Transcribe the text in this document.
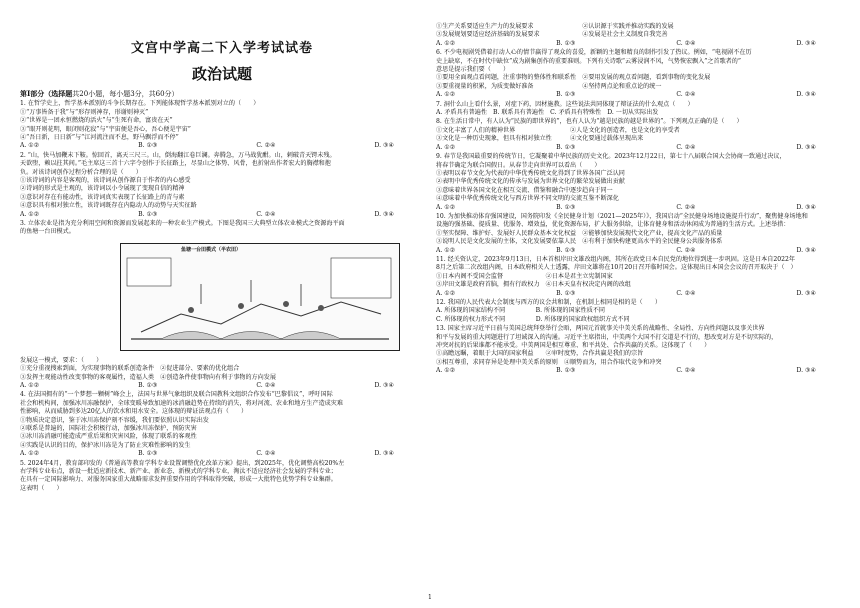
文宫中学高二下入学考试试卷
政治试题
第Ⅰ部分（选择题共20小题，每小题3分，共60分）

1. 在哲学史上，哲学基本派别的斗争长期存在。下列能体现哲学基本派别对立的（　　）

①“万事皆备于我”与“形存则神存，形谢则神灭”

②“世界是一团永恒燃烧的活火”与“生死有命，富贵在天”

③“眼开则花明，眼闭则花寂”与“宇宙便是吾心，吾心便是宇宙”

④“吾日新，日日新”与“江河流注而不息，野马飘浮而不停”

A. ①②	B. ①③	C. ②④	D. ③④

2. “山，快马加鞭未下鞍。惊回首，离天三尺三。山，倒海翻江卷巨澜。奔腾急，万马战犹酣。山，刺破青天锷未残。

天欲堕，赖以拄其间。”毛主席这三首十六字令创作于长征路上，尽显山之体势、风骨，也折射出作者宏大的胸襟和抱

负。对该诗词创作过程分析合理的是（　　）

①该诗词的内容是客观的，该诗词从创作源自于作者的内心感受

②诗词的形式是主观的，该诗词以小令展现了变现自信的精神

③意识对存在有能动性，该诗词真实表现了长征路上的青与素

④意识具有相对独立性，该诗词既存在内隐动人的动势与天实征路

A. ①②	B. ①③	C. ②④	D. ③④

3. 立体农业是指为充分利用空间和资源而发展起来的一种农业生产模式。下图是我国三大典型立体农业模式之资源海平面

的鱼塘一台田模式。

鱼塘一台田模式（半农田）

发展这一模式，要求：（　　）

①充分重视搜索到面，为实现事物的联系创造条件　②促进部分、要素的优化组合

③发挥主观能动性改变事物的客观属性，造福人类　④创造条件使事物向有利于事物的方向发展

A. ①②	B. ①③	C. ②④	D. ③④

4. 在法国拥有的“一个梦想一颗树”峰会上，法国与世界气象组织及联合国教科文组织合作发布“巴黎倡议”，呼吁国际

社会和机构间，加强冰川冻融保护，全球变暖导致加速的冰消融趋势在持续的消失，将对河流、农业和地方生产造成灾难

性影响，从而威胁到多达20亿人的饮水和用水安全。这体现的辩证法观点有（　　）

①物质决定意识，鉴于冰川冻保护刻不容缓，我们要依照认识实际出发

②联系是普遍的，国际社会积极行动，加强冰川冻保护，预防灾害

③冰川冻消融可能造成严重后果和灾害风险，体现了联系的客观性

④实践是认识的目的，保护冰川冻是为了防止灾难性影响的发生

A. ①②	B. ①③	C. ②④	D. ③④

5. 2024年4月，教育部印发的《普通高等教育学科专业设置调整优化改革方案》提出，到2025年，优化调整高校20%左

右学科专业布点，新设一批适应新技术、新产业、新业态、新模式的学科专业，淘汰不适应经济社会发展的学科专业；

在具有一定国际影响力、对服务国家重大战略需求发挥重要作用的学科取得突破，形成一大批特色优势学科专业集群。

这表明（　　）

①生产关系要适应生产力的发展要求　　　　　　　　②认识源于实践并推动实践的发展

③发展规划要适应经济基础的发展要求　　　　　　　④发展是社会主义制度自我完善

A. ①②	B. ①③	C. ②④	D. ③④

6. 不少电视剧凭借着打动人心的情节赢得了观众的喜爱，新颖的主题和精良的制作引发了热议。例如，“电视剧不在历

史上缺席，不在时代中缺位”成为剧集创作的重要准则。下列有关诗歌“云雾浸润不风，气势恢宏飘入”之首歌者的”

意思是提示我们要（　　）

①要用全面观点看问题，注重事物的整体性和联系性　②要用发展的观点看问题，看到事物的变化发展

③要重视量的积累，为质变做好准备　　　　　　　　④坚持两点论和重点论的统一

A. ①②	B. ①③	C. ②④	D. ③④

7. 洞什么山上看什么景，对症下药，因材施教。这些说法共同体现了辩证法的什么观点（　　）

A. 矛盾具有普遍性　B. 联系具有普遍性　C. 矛盾具有特殊性　D. 一切从实际出发

8. 在生活日常中，有人认为“民族的即世界的”，也有人认为“越是民族的越是世界的”。下列观点正确的是（　　）

①文化丰富了人们的精神世界　　　　　　　　　②人是文化的创造者，也是文化的享受者

③文化是一种历史现象，但具有相对独立性　　　④文化要通过载体呈现出来

A. ①②	B. ①③	C. ②④	D. ③④

9. 春节是我国最重要的传统节日，它凝聚着中华民族的历史文化。2023年12月22日，第七十八届联合国大会协商一致通过决议，

将春节确定为联合国假日。从春节走向世界可以看出（　　）

①表明以春节文化为代表的中华优秀传统文化得到了世界各国广泛认同

②表明中华优秀传统文化的传承与发展为世界文化的繁荣发展做出贡献

③意味着世界各国文化在相互交流、借鉴和融合中逐步趋向于同一

④意味着中华优秀传统文化与西方世界不同文明的交流互鉴不断深化

A. ①②	B. ①③	C. ②④	D. ③④

10. 为加快推动体育强国建设，国务院印发《全民健身计划（2021—2025年）》，我国启动“全民健身场地设施提升行动”，聚焦健身场地和

设施的强基础、提质量、优服务、增效益，优化资源布局，扩大服务供给，让体育健身和活动休闲成为普通的生活方式。上述举措：

①坚实保障、维护好、发展好人民群众基本文化权益　②能够加快发展现代文化产业，提高文化产品的质量

③说明人民是文化发展的主体，文化发展要依靠人民　④有利于加快构建更高水平的全民健身公共服务体系

A. ①②	B. ①③	C. ②④	D. ③④

11. 经关资认定，2023年9月13日，日本首相岸田文雄改组内阁，其所在政党日本自民党的地位得到进一步巩固。这是日本自2022年

8月之后第二次改组内阁，日本政府相关人士透露，岸田文雄将在10月20日召开临时国会。这体现出日本国会会议的召开取决于（　）

①日本内阁不受国会监督　　　　　　　②日本是君主立宪制国家

③岸田文雄是政府首脑，拥有行政权力　④日本天皇有权决定内阁的改组

A. ①②	B. ①③	C. ②④	D. ③④

12. 我国的人民代表大会制度与西方的议会共和制，在机制上相同是相的是（　　）

A. 所体现的国家结构不同　　　　　B. 所体现的国家性质不同

C. 所体现的权力形式不同　　　　　D. 所体现的国家政权组织方式不同

13. 国家主席习近平日前与美国总统拜登举行会晤，两国元首就事关中美关系的战略性、全局性、方向性问题以及事关世界

和平与发展的重大问题进行了坦诚深入的沟通。习近平主席指出，中美两个大国不打交道是不行的，想改变对方是不切实际的，

冲突对抗的后果谁都不能承受。中美两国是相互尊重、和平共处、合作共赢的关系。这体现了（　　）

①高瞻远瞩，着眼于大国的国家利益　　②审时度势，合作共赢是我们的宗旨

③相互尊重，求同存异是处理中美关系的原则　④顺势而为，用合作取代竞争和冲突

A. ①②	B. ①③	C. ②④	D. ③④
1
